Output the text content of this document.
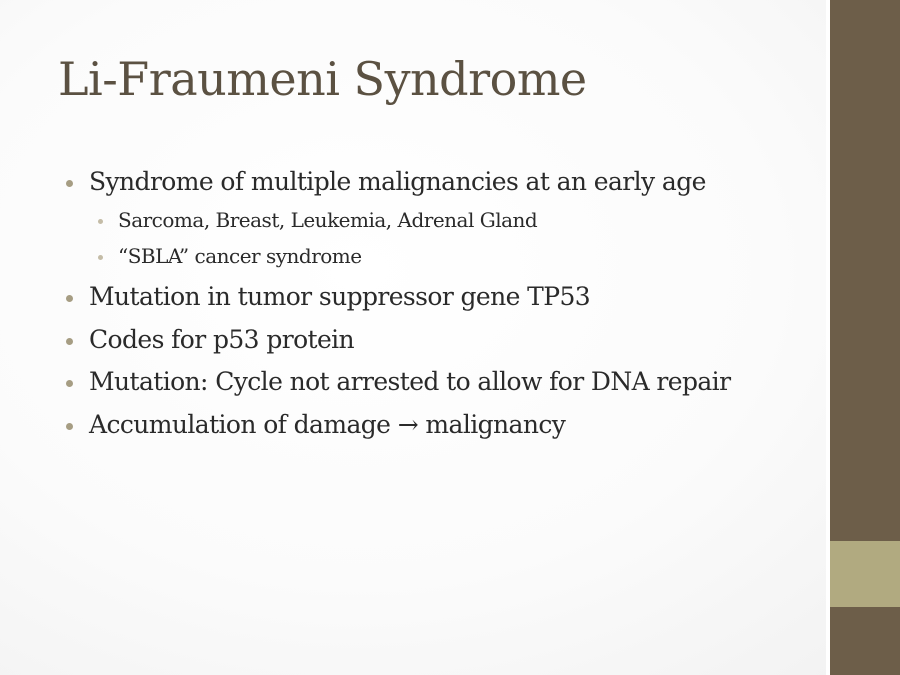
Li-Fraumeni Syndrome
Syndrome of multiple malignancies at an early age
Sarcoma, Breast, Leukemia, Adrenal Gland
“SBLA” cancer syndrome
Mutation in tumor suppressor gene TP53
Codes for p53 protein
Mutation: Cycle not arrested to allow for DNA repair
Accumulation of damage → malignancy
